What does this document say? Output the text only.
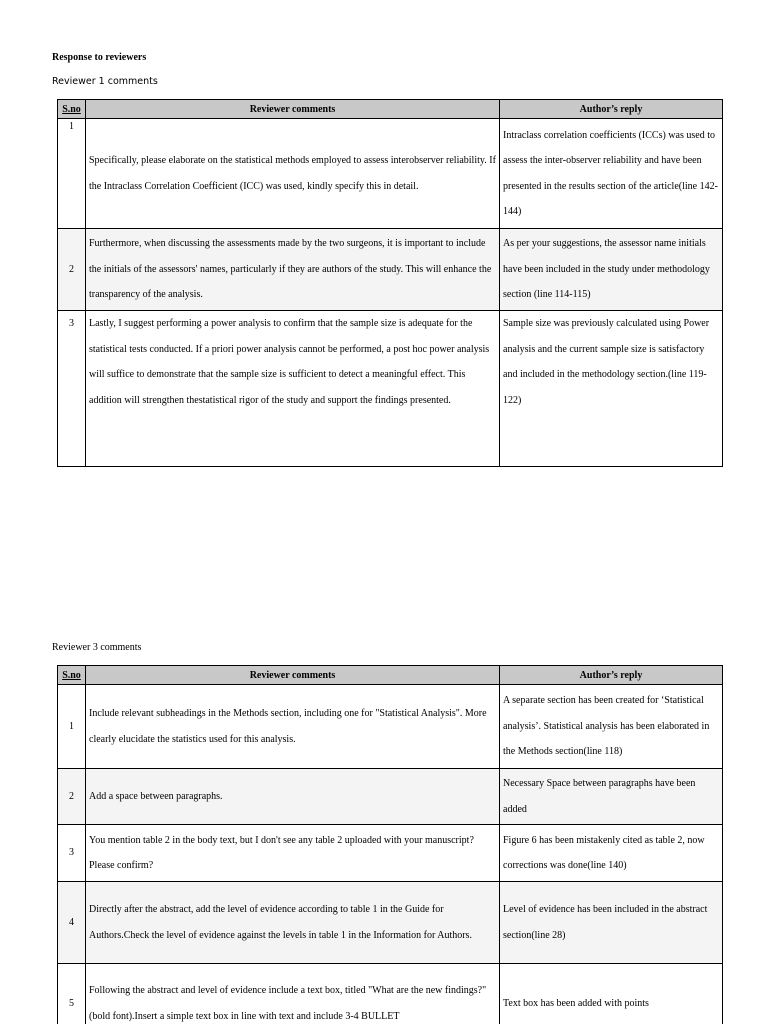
Response to reviewers
Reviewer 1 comments
S.no	Reviewer comments	Author’s reply
1	Specifically, please elaborate on the statistical methods employed to assess interobserver reliability. If the Intraclass Correlation Coefficient (ICC) was used, kindly specify this in detail.	Intraclass correlation coefficients (ICCs) was used to assess the inter-observer reliability and have been presented in the results section of the article(line 142-144)
2	Furthermore, when discussing the assessments made by the two surgeons, it is important to include the initials of the assessors' names, particularly if they are authors of the study. This will enhance the transparency of the analysis.	As per your suggestions, the assessor name initials have been included in the study under methodology section (line 114-115)
3	Lastly, I suggest performing a power analysis to confirm that the sample size is adequate for the statistical tests conducted. If a priori power analysis cannot be performed, a post hoc power analysis will suffice to demonstrate that the sample size is sufficient to detect a meaningful effect. This addition will strengthen thestatistical rigor of the study and support the findings presented.	Sample size was previously calculated using Power analysis and the current sample size is satisfactory and included in the methodology section.(line 119-122)
Reviewer 3 comments
S.no	Reviewer comments	Author’s reply
1	Include relevant subheadings in the Methods section, including one for "Statistical Analysis". More clearly elucidate the statistics used for this analysis.	A separate section has been created for ‘Statistical analysis’. Statistical analysis has been elaborated in the Methods section(line 118)
2	Add a space between paragraphs.	Necessary Space between paragraphs have been added
3	You mention table 2 in the body text, but I don't see any table 2 uploaded with your manuscript? Please confirm?	Figure 6 has been mistakenly cited as table 2, now corrections was done(line 140)
4	Directly after the abstract, add the level of evidence according to table 1 in the Guide for Authors.Check the level of evidence against the levels in table 1 in the Information for Authors.	Level of evidence has been included in the abstract section(line 28)
5	Following the abstract and level of evidence include a text box, titled "What are the new findings?" (bold font).Insert a simple text box in line with text and include 3-4 BULLET	Text box has been added with points
